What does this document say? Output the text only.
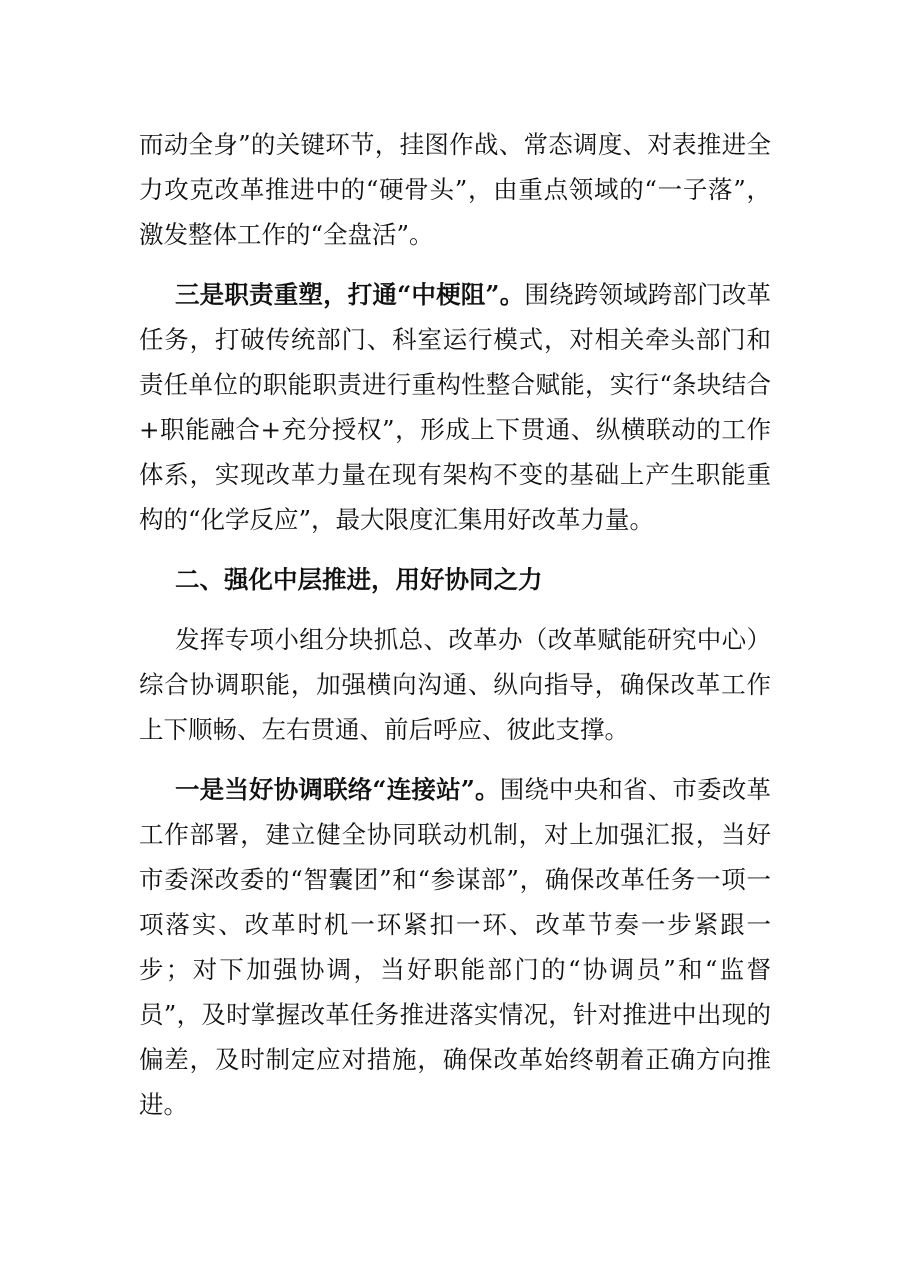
而动全身”的关键环节，挂图作战、常态调度、对表推进全力攻克改革推进中的“硬骨头”，由重点领域的“一子落”，激发整体工作的“全盘活”。

三是职责重塑，打通“中梗阻”。围绕跨领域跨部门改革任务，打破传统部门、科室运行模式，对相关牵头部门和责任单位的职能职责进行重构性整合赋能，实行“条块结合+职能融合+充分授权”，形成上下贯通、纵横联动的工作体系，实现改革力量在现有架构不变的基础上产生职能重构的“化学反应”，最大限度汇集用好改革力量。

二、强化中层推进，用好协同之力

发挥专项小组分块抓总、改革办（改革赋能研究中心）综合协调职能，加强横向沟通、纵向指导，确保改革工作上下顺畅、左右贯通、前后呼应、彼此支撑。

一是当好协调联络“连接站”。围绕中央和省、市委改革工作部署，建立健全协同联动机制，对上加强汇报，当好市委深改委的“智囊团”和“参谋部”，确保改革任务一项一项落实、改革时机一环紧扣一环、改革节奏一步紧跟一步；对下加强协调，当好职能部门的“协调员”和“监督员”，及时掌握改革任务推进落实情况，针对推进中出现的偏差，及时制定应对措施，确保改革始终朝着正确方向推进。
